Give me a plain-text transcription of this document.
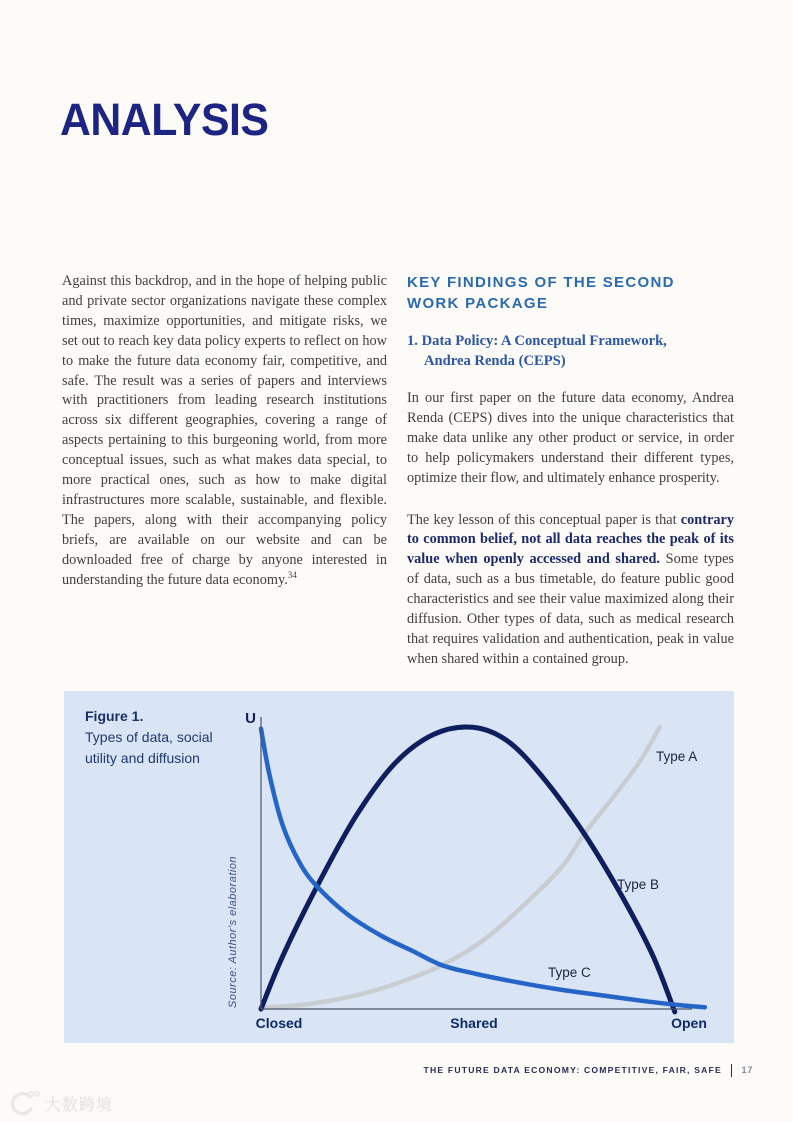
ANALYSIS

Against this backdrop, and in the hope of helping public and private sector organizations navigate these complex times, maximize opportunities, and mitigate risks, we set out to reach key data policy experts to reflect on how to make the future data economy fair, competitive, and safe. The result was a series of papers and interviews with practitioners from leading research institutions across six different geographies, covering a range of aspects pertaining to this burgeoning world, from more conceptual issues, such as what makes data special, to more practical ones, such as how to make digital infrastructures more scalable, sustainable, and flexible. The papers, along with their accompanying policy briefs, are available on our website and can be downloaded free of charge by anyone interested in understanding the future data economy.$^{34}$

KEY FINDINGS OF THE SECOND
WORK PACKAGE
1. Data Policy: A Conceptual Framework,
Andrea Renda (CEPS)

In our first paper on the future data economy, Andrea Renda (CEPS) dives into the unique characteristics that make data unlike any other product or service, in order to help policymakers understand their different types, optimize their flow, and ultimately enhance prosperity.

The key lesson of this conceptual paper is that contrary to common belief, not all data reaches the peak of its value when openly accessed and shared. Some types of data, such as a bus timetable, do feature public good characteristics and see their value maximized along their diffusion. Other types of data, such as medical research that requires validation and authentication, peak in value when shared within a contained group.

Figure 1.
Types of data, social
utility and diffusion
U
Closed	Shared	Open
Type A
Type B
Type C
Source: Author's elaboration
THE FUTURE DATA ECONOMY: COMPETITIVE, FAIR, SAFE 17
大数跨境
